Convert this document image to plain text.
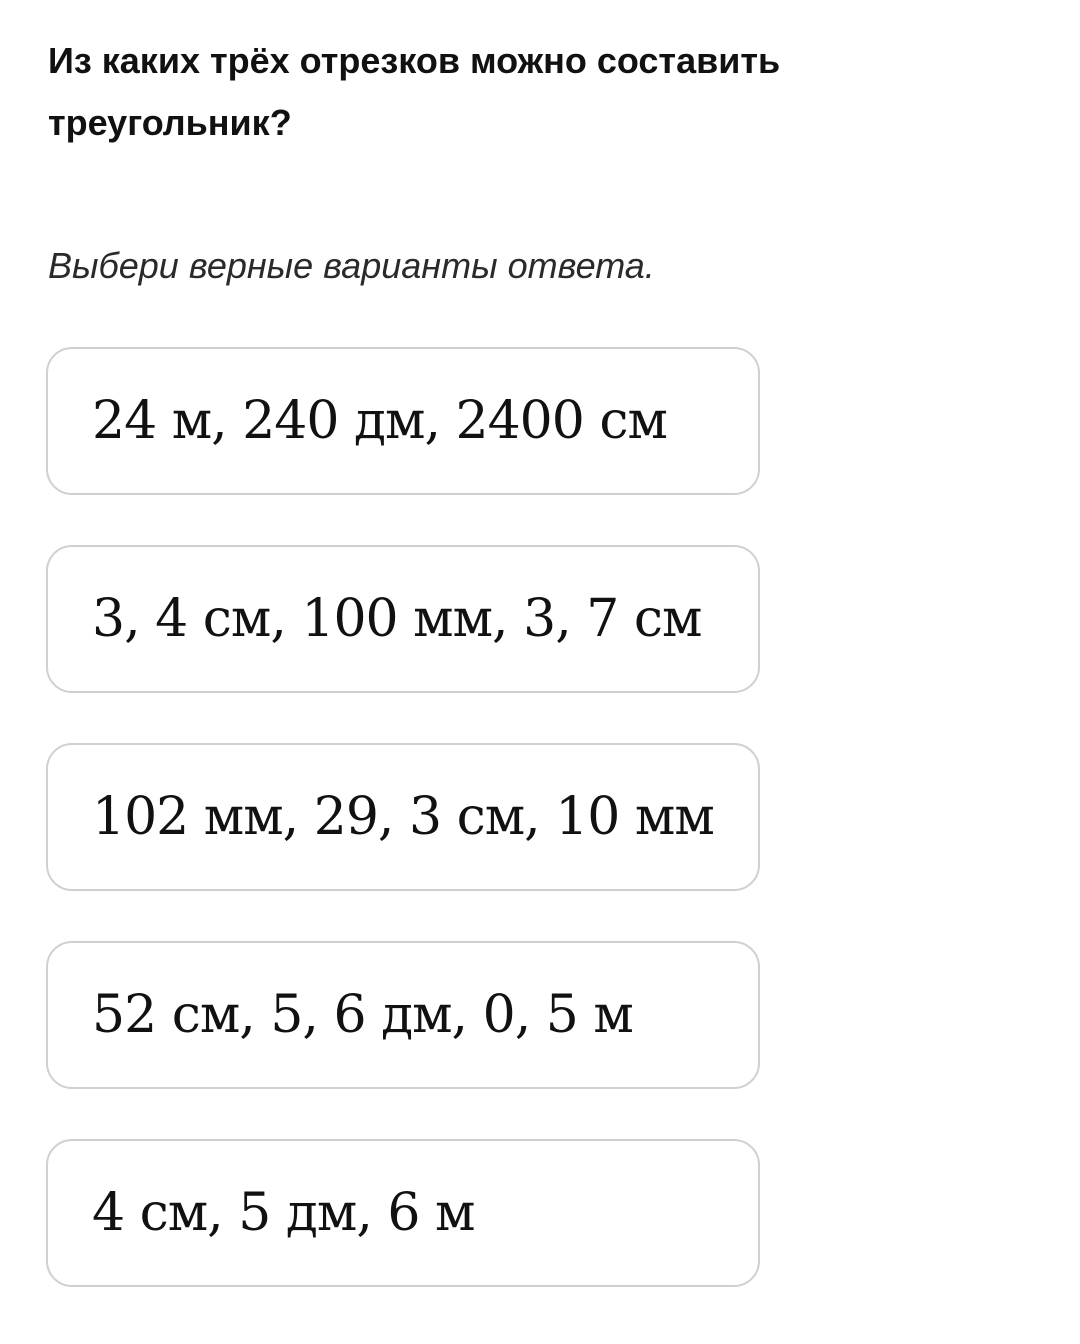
Из каких трёх отрезков можно составить треугольник?

Выбери верные варианты ответа.

24 м, 240 дм, 2400 см
3, 4 см, 100 мм, 3, 7 см
102 мм, 29, 3 см, 10 мм
52 см, 5, 6 дм, 0, 5 м
4 см, 5 дм, 6 м
